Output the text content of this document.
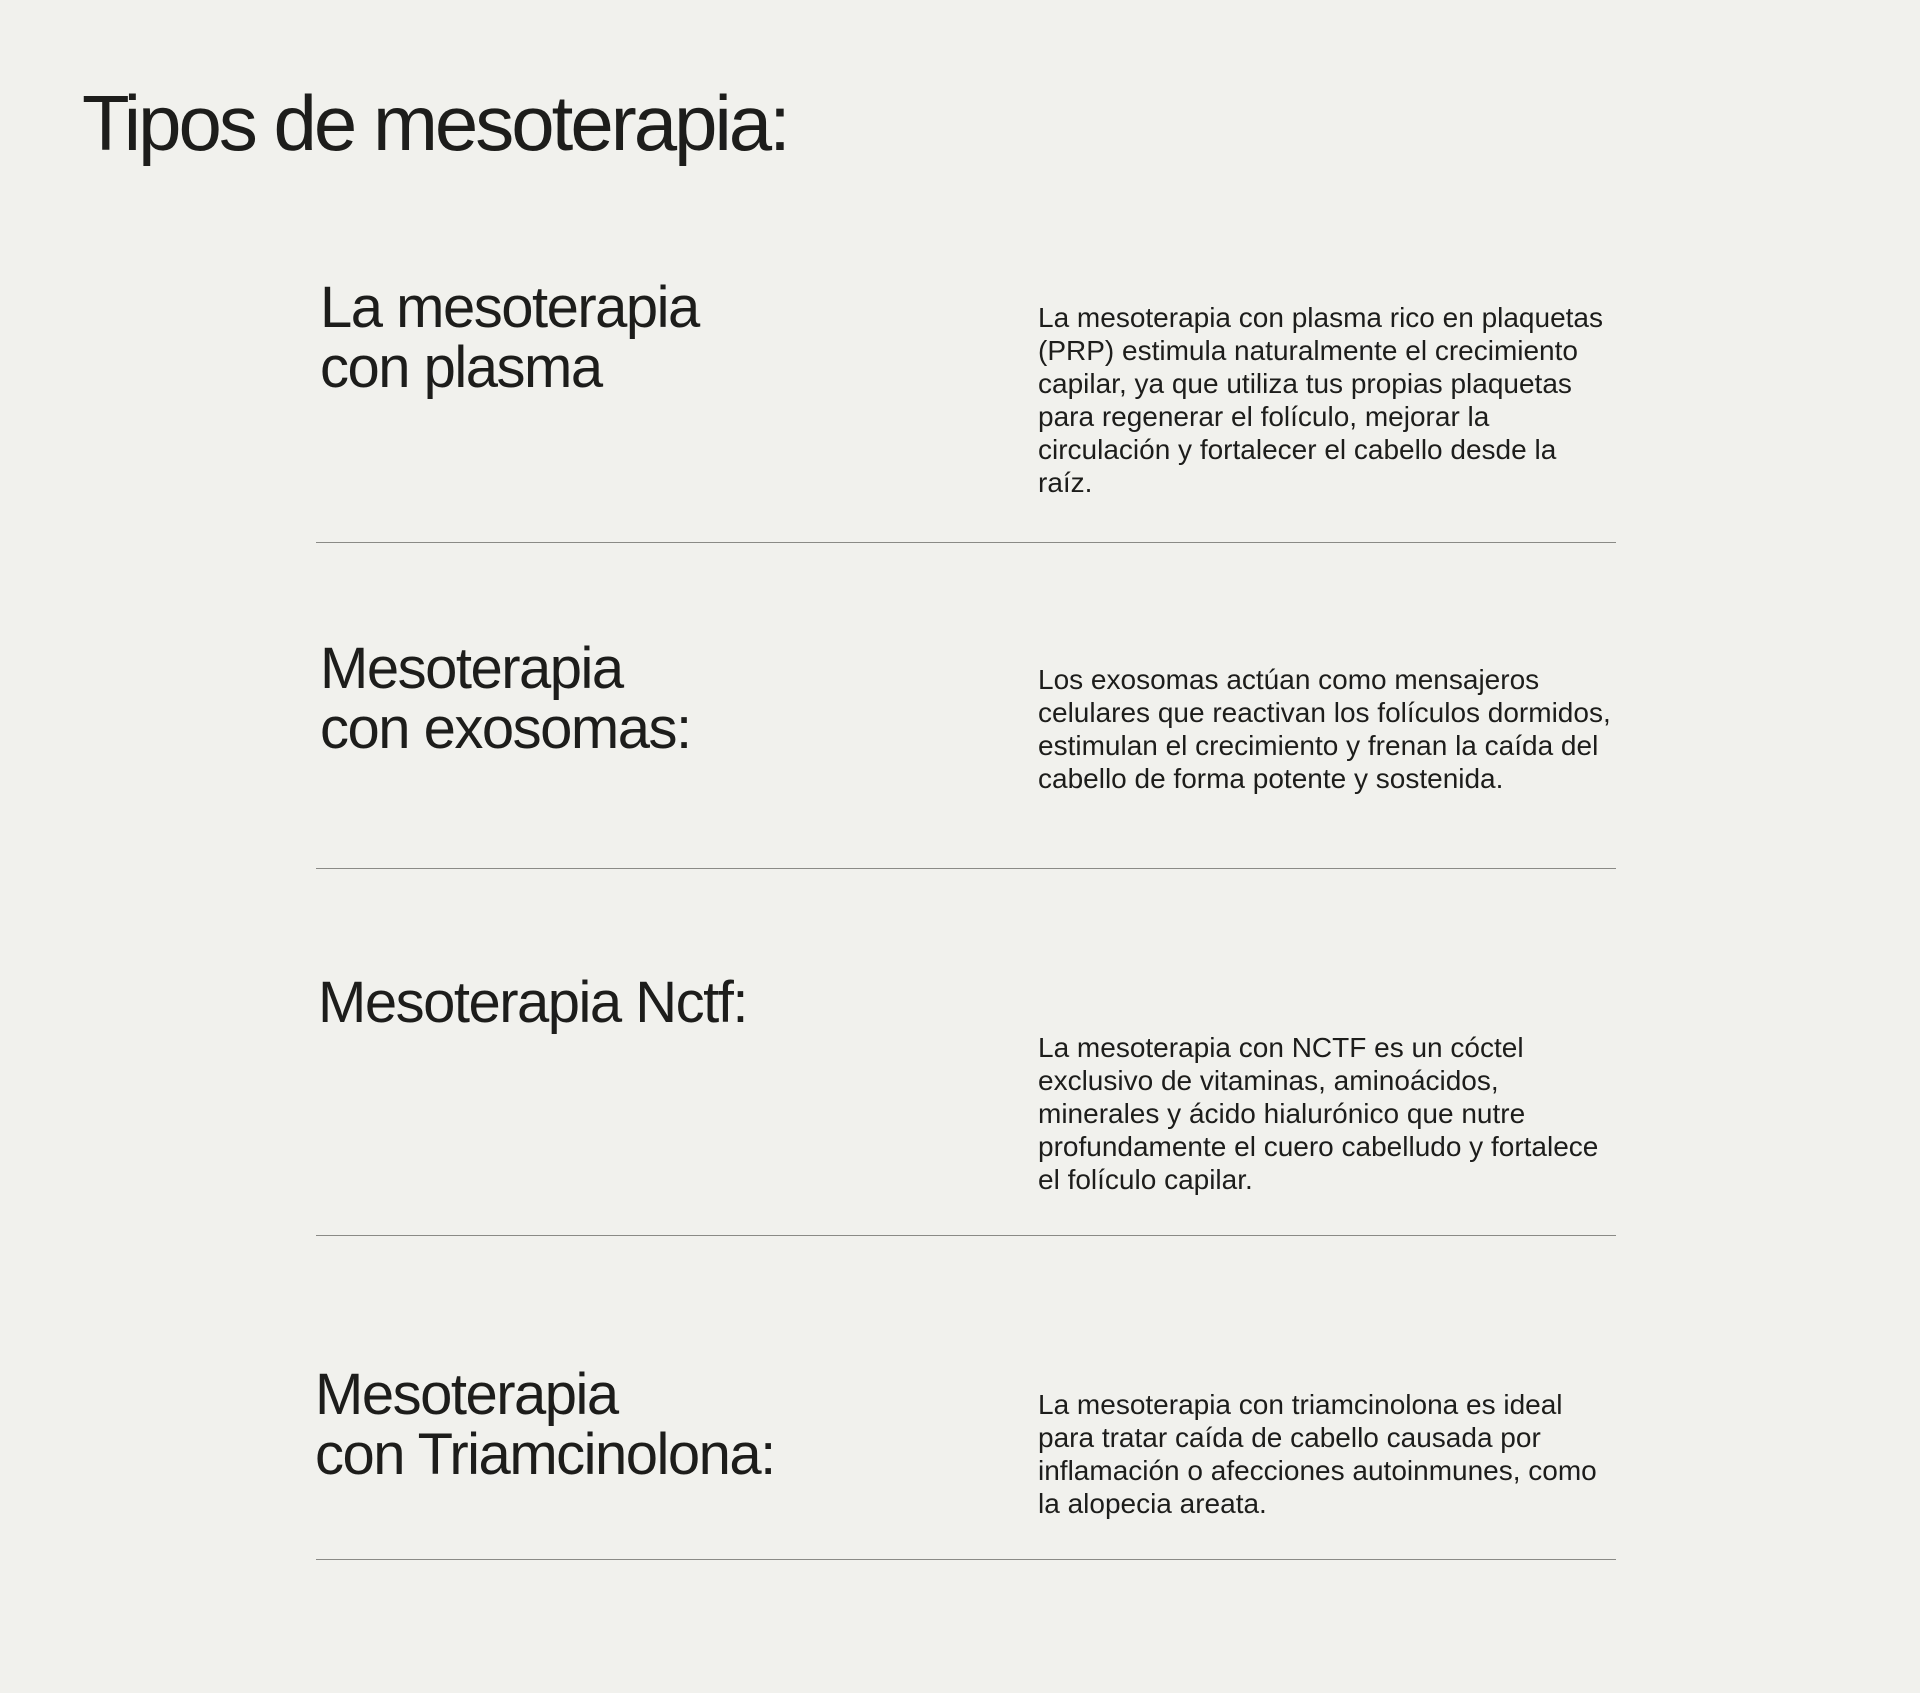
Tipos de mesoterapia:
La mesoterapia
con plasma

La mesoterapia con plasma rico en plaquetas (PRP) estimula naturalmente el crecimiento capilar, ya que utiliza tus propias plaquetas para regenerar el folículo, mejorar la circulación y fortalecer el cabello desde la raíz.

Mesoterapia
con exosomas:

Los exosomas actúan como mensajeros celulares que reactivan los folículos dormidos, estimulan el crecimiento y frenan la caída del cabello de forma potente y sostenida.

Mesoterapia Nctf:

La mesoterapia con NCTF es un cóctel exclusivo de vitaminas, aminoácidos, minerales y ácido hialurónico que nutre profundamente el cuero cabelludo y fortalece el folículo capilar.

Mesoterapia
con Triamcinolona:

La mesoterapia con triamcinolona es ideal para tratar caída de cabello causada por inflamación o afecciones autoinmunes, como la alopecia areata.
